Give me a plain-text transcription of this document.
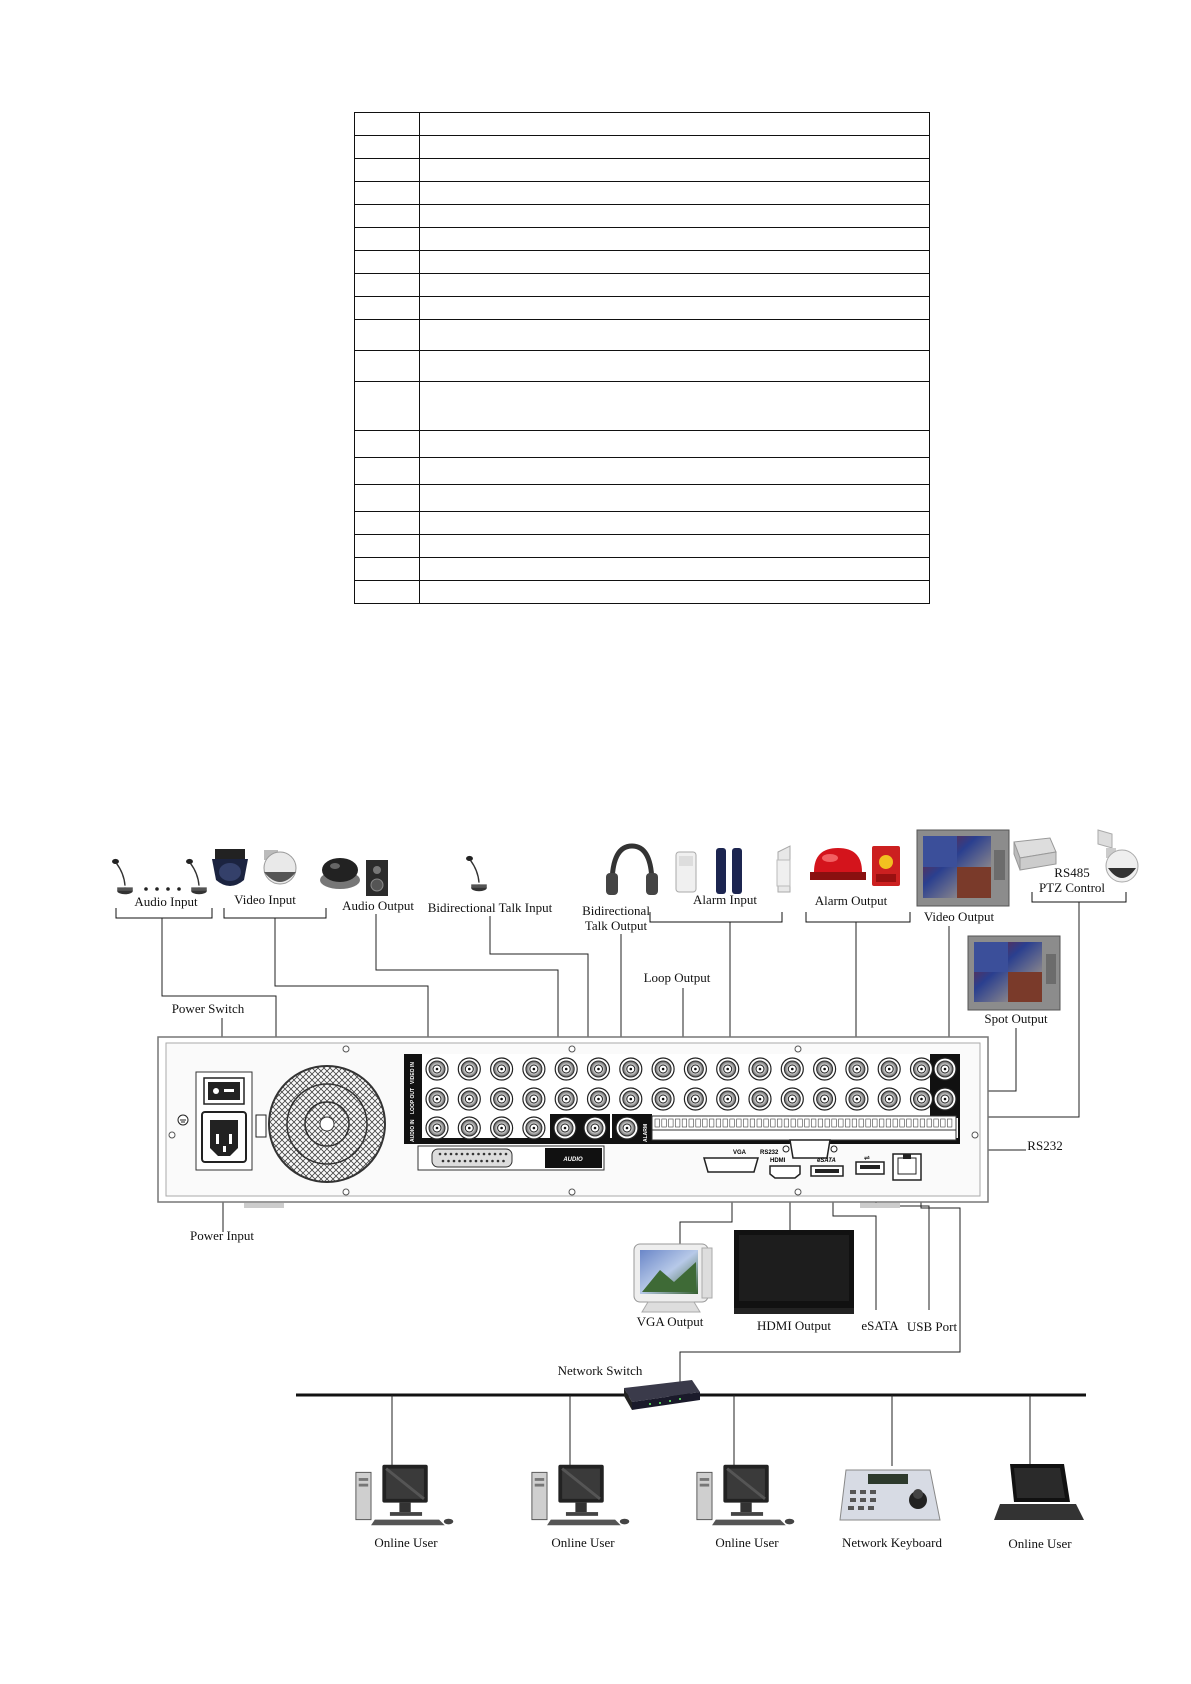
Audio Input	Video Input	Audio Output Bidirectional Talk Input Bidirectional
Talk Output
Alarm Input	Alarm Output
Video Output
RS485
PTZ Control
Loop Output
Spot Output
Power Switch
VIDEO IN
LOOP OUT
AUDIO IN	ALARM
AUDIO
VGA RS232
HDMI	eSATA	⇌
RS232
Power Input
VGA Output	HDMI Output eSATA USB Port
Network Switch
Online User	Online User	Online User	Network Keyboard	Online User
